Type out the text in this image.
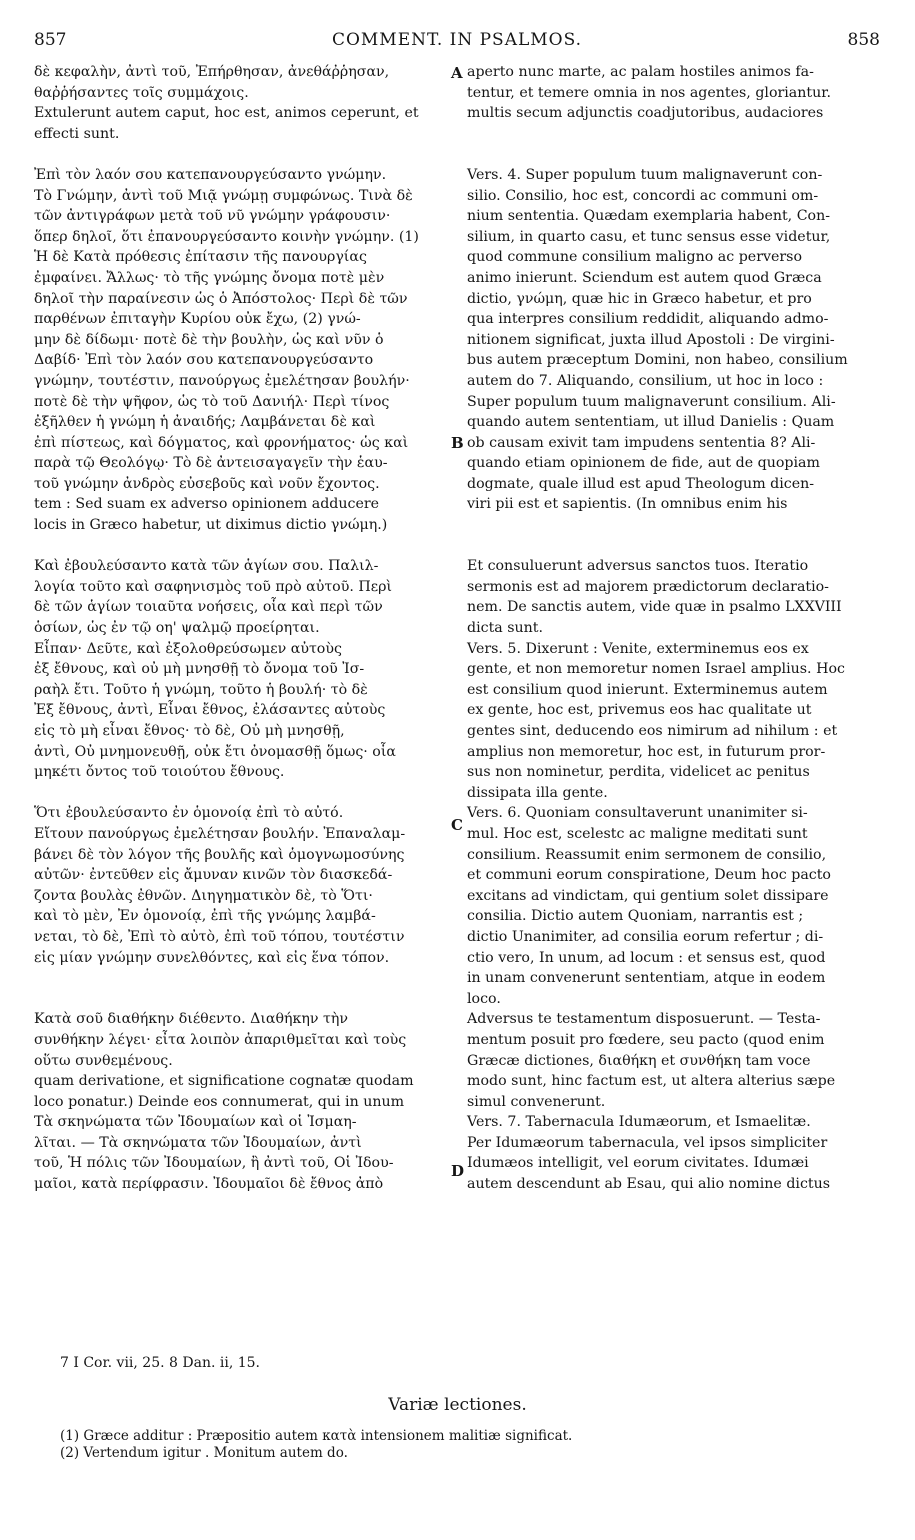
857	COMMENT. IN PSALMOS.	858
δὲ κεφαλὴν, ἀντὶ τοῦ, Ἐπήρθησαν, ἀνεθάῤῥησαν,
θαῤῥήσαντες τοῖς συμμάχοις.
Extulerunt autem caput, hoc est, animos ceperunt, et
effecti sunt.
Ἐπὶ τὸν λαόν σου κατεπανουργεύσαντο γνώμην.
Τὸ Γνώμην, ἀντὶ τοῦ Μιᾷ γνώμῃ συμφώνως. Τινὰ δὲ
τῶν ἀντιγράφων μετὰ τοῦ νῦ γνώμην γράφουσιν·
ὅπερ δηλοῖ, ὅτι ἐπανουργεύσαντο κοινὴν γνώμην. (1)
Ἡ δὲ Κατὰ πρόθεσις ἐπίτασιν τῆς πανουργίας
ἐμφαίνει. Ἄλλως· τὸ τῆς γνώμης ὄνομα ποτὲ μὲν
δηλοῖ τὴν παραίνεσιν ὡς ὁ Ἀπόστολος· Περὶ δὲ τῶν
παρθένων ἐπιταγὴν Κυρίου οὐκ ἔχω, (2) γνώ-
μην δὲ δίδωμι· ποτὲ δὲ τὴν βουλὴν, ὡς καὶ νῦν ὁ
Δαβίδ· Ἐπὶ τὸν λαόν σου κατεπανουργεύσαντο
γνώμην, τουτέστιν, πανούργως ἐμελέτησαν βουλήν·
ποτὲ δὲ τὴν ψῆφον, ὡς τὸ τοῦ Δανιήλ· Περὶ τίνος
ἐξῆλθεν ἡ γνώμη ἡ ἀναιδής; Λαμβάνεται δὲ καὶ
ἐπὶ πίστεως, καὶ δόγματος, καὶ φρονήματος· ὡς καὶ
παρὰ τῷ Θεολόγῳ· Τὸ δὲ ἀντεισαγαγεῖν τὴν ἑαυ-
τοῦ γνώμην ἀνδρὸς εὐσεβοῦς καὶ νοῦν ἔχοντος.
tem : Sed suam ex adverso opinionem adducere
locis in Græco habetur, ut diximus dictio γνώμη.)
Καὶ ἐβουλεύσαντο κατὰ τῶν ἁγίων σου. Παλιλ-
λογία τοῦτο καὶ σαφηνισμὸς τοῦ πρὸ αὐτοῦ. Περὶ
δὲ τῶν ἁγίων τοιαῦτα νοήσεις, οἷα καὶ περὶ τῶν
ὁσίων, ὡς ἐν τῷ οη' ψαλμῷ προείρηται.
Εἶπαν· Δεῦτε, καὶ ἐξολοθρεύσωμεν αὐτοὺς
ἐξ ἔθνους, καὶ οὐ μὴ μνησθῇ τὸ ὄνομα τοῦ Ἰσ-
ραὴλ ἔτι. Τοῦτο ἡ γνώμη, τοῦτο ἡ βουλή· τὸ δὲ
Ἐξ ἔθνους, ἀντὶ, Εἶναι ἔθνος, ἐλάσαντες αὐτοὺς
εἰς τὸ μὴ εἶναι ἔθνος· τὸ δὲ, Οὐ μὴ μνησθῇ,
ἀντὶ, Οὐ μνημονευθῇ, οὐκ ἔτι ὀνομασθῇ ὅμως· οἷα
μηκέτι ὄντος τοῦ τοιούτου ἔθνους.
Ὅτι ἐβουλεύσαντο ἐν ὁμονοίᾳ ἐπὶ τὸ αὐτό.
Εἴτουν πανούργως ἐμελέτησαν βουλήν. Ἐπαναλαμ-
βάνει δὲ τὸν λόγον τῆς βουλῆς καὶ ὁμογνωμοσύνης
αὐτῶν· ἐντεῦθεν εἰς ἄμυναν κινῶν τὸν διασκεδά-
ζοντα βουλὰς ἐθνῶν. Διηγηματικὸν δὲ, τὸ Ὅτι·
καὶ τὸ μὲν, Ἐν ὁμονοίᾳ, ἐπὶ τῆς γνώμης λαμβά-
νεται, τὸ δὲ, Ἐπὶ τὸ αὐτὸ, ἐπὶ τοῦ τόπου, τουτέστιν
εἰς μίαν γνώμην συνελθόντες, καὶ εἰς ἕνα τόπον.
Κατὰ σοῦ διαθήκην διέθεντο. Διαθήκην τὴν
συνθήκην λέγει· εἶτα λοιπὸν ἀπαριθμεῖται καὶ τοὺς
οὕτω συνθεμένους.
quam derivatione, et significatione cognatæ quodam
loco ponatur.) Deinde eos connumerat, qui in unum
Τὰ σκηνώματα τῶν Ἰδουμαίων καὶ οἱ Ἰσμαη-
λῖται. — Τὰ σκηνώματα τῶν Ἰδουμαίων, ἀντὶ
τοῦ, Ἡ πόλις τῶν Ἰδουμαίων, ἢ ἀντὶ τοῦ, Οἱ Ἰδου-
μαῖοι, κατὰ περίφρασιν. Ἰδουμαῖοι δὲ ἔθνος ἀπὸ
aperto nunc marte, ac palam hostiles animos fa-
tentur, et temere omnia in nos agentes, gloriantur.
multis secum adjunctis coadjutoribus, audaciores
Vers. 4. Super populum tuum malignaverunt con-
silio. Consilio, hoc est, concordi ac communi om-
nium sententia. Quædam exemplaria habent, Con-
silium, in quarto casu, et tunc sensus esse videtur,
quod commune consilium maligno ac perverso
animo inierunt. Sciendum est autem quod Græca
dictio, γνώμη, quæ hic in Græco habetur, et pro
qua interpres consilium reddidit, aliquando admo-
nitionem significat, juxta illud Apostoli : De virgini-
bus autem præceptum Domini, non habeo, consilium
autem do 7. Aliquando, consilium, ut hoc in loco :
Super populum tuum malignaverunt consilium. Ali-
quando autem sententiam, ut illud Danielis : Quam
ob causam exivit tam impudens sententia 8? Ali-
quando etiam opinionem de fide, aut de quopiam
dogmate, quale illud est apud Theologum dicen-
viri pii est et sapientis. (In omnibus enim his
Et consuluerunt adversus sanctos tuos. Iteratio
sermonis est ad majorem prædictorum declaratio-
nem. De sanctis autem, vide quæ in psalmo LXXVIII
dicta sunt.
Vers. 5. Dixerunt : Venite, exterminemus eos ex
gente, et non memoretur nomen Israel amplius. Hoc
est consilium quod inierunt. Exterminemus autem
ex gente, hoc est, privemus eos hac qualitate ut
gentes sint, deducendo eos nimirum ad nihilum : et
amplius non memoretur, hoc est, in futurum pror-
sus non nominetur, perdita, videlicet ac penitus
dissipata illa gente.
Vers. 6. Quoniam consultaverunt unanimiter si-
mul. Hoc est, scelestc ac maligne meditati sunt
consilium. Reassumit enim sermonem de consilio,
et communi eorum conspiratione, Deum hoc pacto
excitans ad vindictam, qui gentium solet dissipare
consilia. Dictio autem Quoniam, narrantis est ;
dictio Unanimiter, ad consilia eorum refertur ; di-
ctio vero, In unum, ad locum : et sensus est, quod
in unam convenerunt sententiam, atque in eodem
loco.
Adversus te testamentum disposuerunt. — Testa-
mentum posuit pro fœdere, seu pacto (quod enim
Græcæ dictiones, διαθήκη et συνθήκη tam voce
modo sunt, hinc factum est, ut altera alterius sæpe
simul convenerunt.
Vers. 7. Tabernacula Idumæorum, et Ismaelitæ.
Per Idumæorum tabernacula, vel ipsos simpliciter
Idumæos intelligit, vel eorum civitates. Idumæi
autem descendunt ab Esau, qui alio nomine dictus
A
B
C
D
7 I Cor. vii, 25. 8 Dan. ii, 15.
Variæ lectiones.
(1) Græce additur : Præpositio autem κατὰ intensionem malitiæ significat.
(2) Vertendum igitur . Monitum autem do.
